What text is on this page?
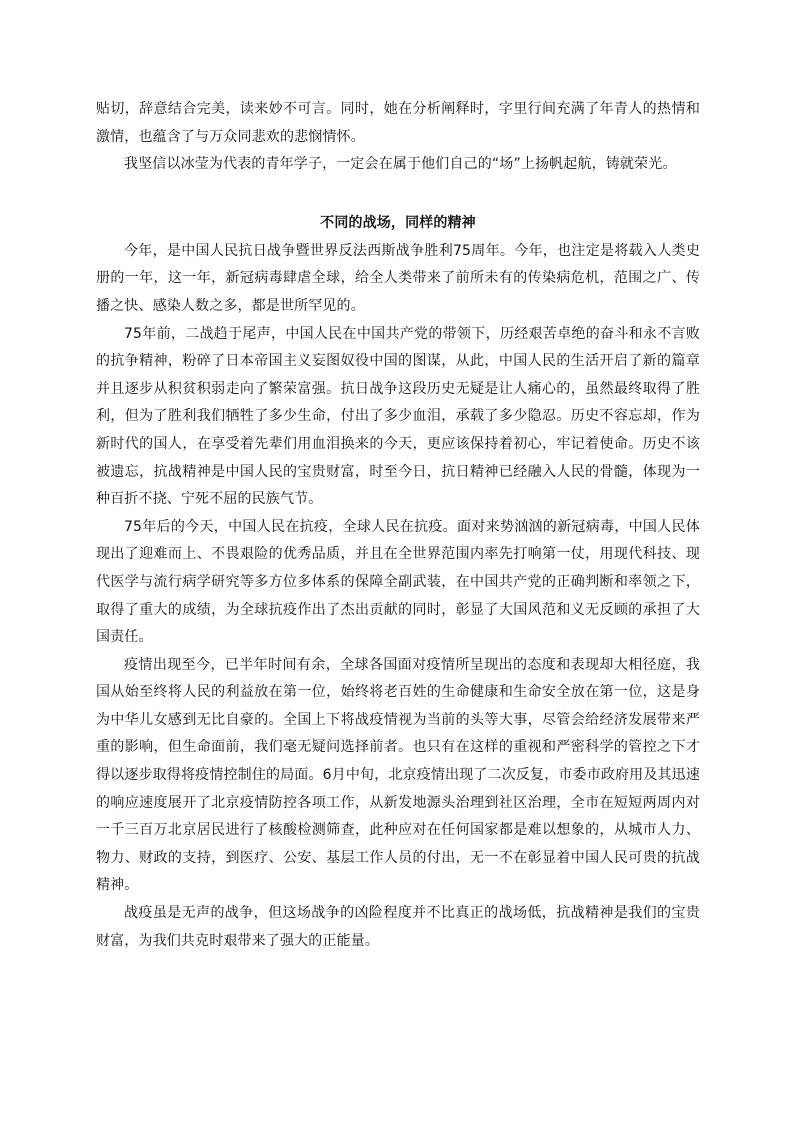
贴切，辞意结合完美，读来妙不可言。同时，她在分析阐释时，字里行间充满了年青人的热情和激情，也蕴含了与万众同悲欢的悲悯情怀。

我坚信以冰莹为代表的青年学子，一定会在属于他们自己的“场”上扬帆起航，铸就荣光。

不同的战场，同样的精神

今年，是中国人民抗日战争暨世界反法西斯战争胜利75周年。今年，也注定是将载入人类史册的一年，这一年，新冠病毒肆虐全球，给全人类带来了前所未有的传染病危机，范围之广、传播之快、感染人数之多，都是世所罕见的。

75年前，二战趋于尾声，中国人民在中国共产党的带领下，历经艰苦卓绝的奋斗和永不言败的抗争精神，粉碎了日本帝国主义妄图奴役中国的图谋，从此，中国人民的生活开启了新的篇章并且逐步从积贫积弱走向了繁荣富强。抗日战争这段历史无疑是让人痛心的，虽然最终取得了胜利，但为了胜利我们牺牲了多少生命，付出了多少血泪，承载了多少隐忍。历史不容忘却，作为新时代的国人，在享受着先辈们用血泪换来的今天，更应该保持着初心，牢记着使命。历史不该被遗忘，抗战精神是中国人民的宝贵财富，时至今日，抗日精神已经融入人民的骨髓，体现为一种百折不挠、宁死不屈的民族气节。

75年后的今天，中国人民在抗疫，全球人民在抗疫。面对来势汹汹的新冠病毒，中国人民体现出了迎难而上、不畏艰险的优秀品质，并且在全世界范围内率先打响第一仗，用现代科技、现代医学与流行病学研究等多方位多体系的保障全副武装，在中国共产党的正确判断和率领之下，取得了重大的成绩，为全球抗疫作出了杰出贡献的同时，彰显了大国风范和义无反顾的承担了大国责任。

疫情出现至今，已半年时间有余，全球各国面对疫情所呈现出的态度和表现却大相径庭，我国从始至终将人民的利益放在第一位，始终将老百姓的生命健康和生命安全放在第一位，这是身为中华儿女感到无比自豪的。全国上下将战疫情视为当前的头等大事，尽管会给经济发展带来严重的影响，但生命面前，我们毫无疑问选择前者。也只有在这样的重视和严密科学的管控之下才得以逐步取得将疫情控制住的局面。6月中旬，北京疫情出现了二次反复，市委市政府用及其迅速的响应速度展开了北京疫情防控各项工作，从新发地源头治理到社区治理，全市在短短两周内对一千三百万北京居民进行了核酸检测筛查，此种应对在任何国家都是难以想象的，从城市人力、物力、财政的支持，到医疗、公安、基层工作人员的付出，无一不在彰显着中国人民可贵的抗战精神。

战疫虽是无声的战争，但这场战争的凶险程度并不比真正的战场低，抗战精神是我们的宝贵财富，为我们共克时艰带来了强大的正能量。
